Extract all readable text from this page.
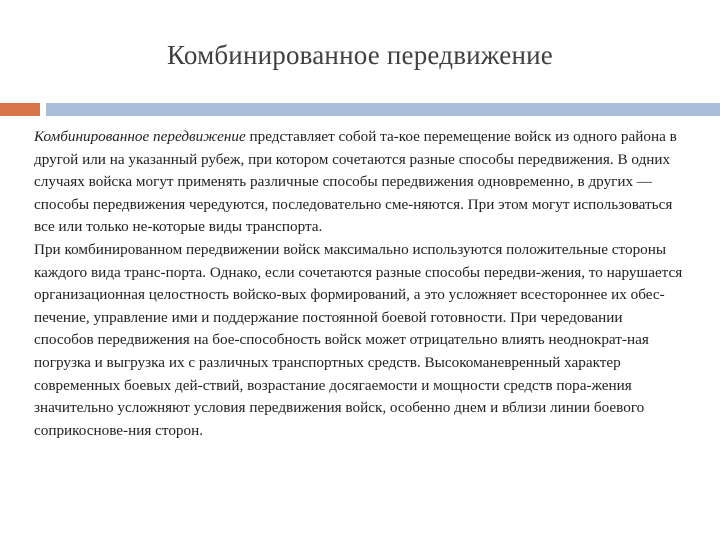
Комбинированное передвижение

Комбинированное передвижение представляет собой та-кое перемещение войск из одного района в другой или на указанный рубеж, при котором сочетаются разные способы передвижения. В одних случаях войска могут применять различные способы передвижения одновременно, в других — способы передвижения чередуются, последовательно сме-няются. При этом могут использоваться все или только не-которые виды транспорта.

При комбинированном передвижении войск максимально используются положительные стороны каждого вида транс-порта. Однако, если сочетаются разные способы передви-жения, то нарушается организационная целостность войско-вых формирований, а это усложняет всестороннее их обес-печение, управление ими и поддержание постоянной боевой готовности. При чередовании способов передвижения на бое-способность войск может отрицательно влиять неоднократ-ная погрузка и выгрузка их с различных транспортных средств. Высокоманевренный характер современных боевых дей-ствий, возрастание досягаемости и мощности средств пора-жения значительно усложняют условия передвижения войск, особенно днем и вблизи линии боевого соприкоснове-ния сторон.
